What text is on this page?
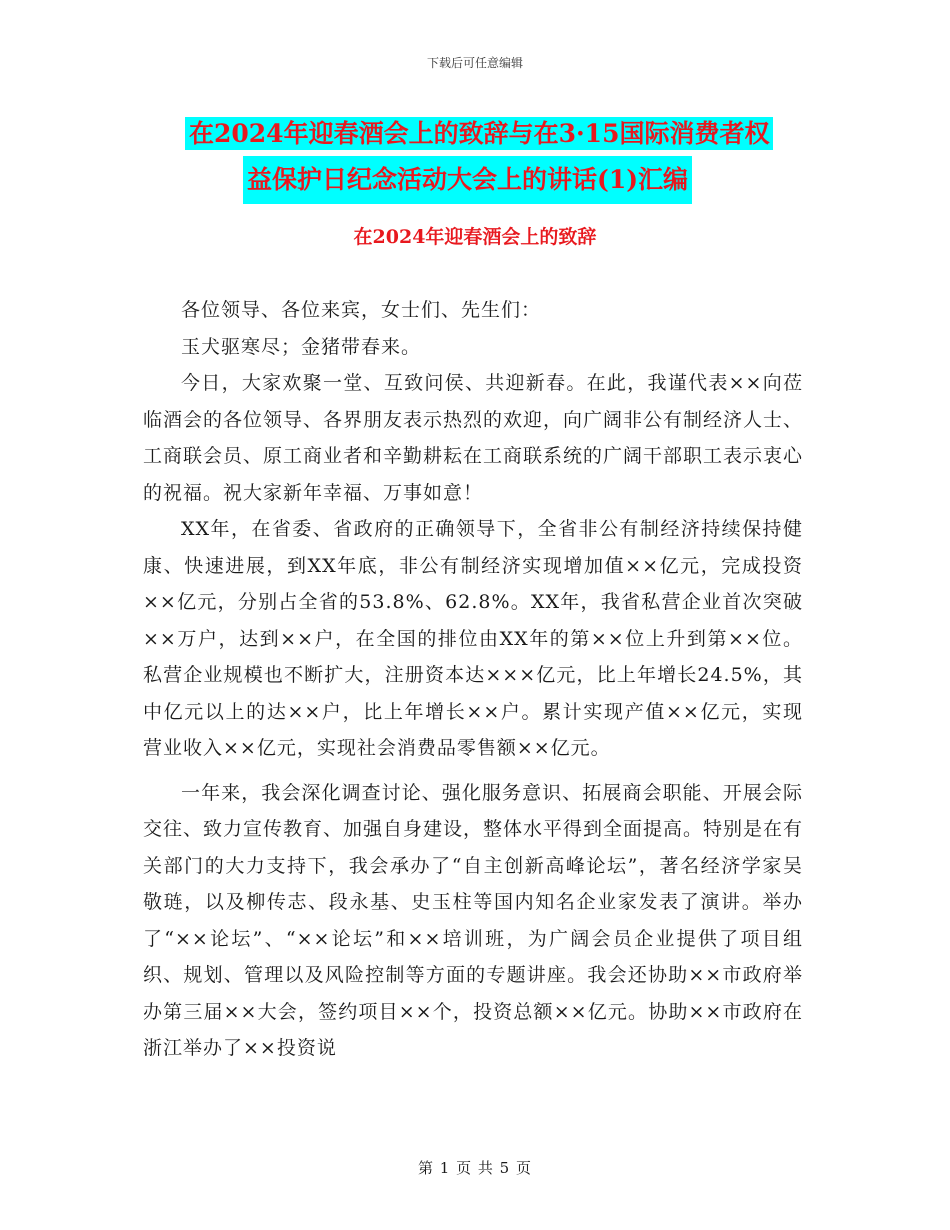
下载后可任意编辑
在2024年迎春酒会上的致辞与在3·15国际消费者权
益保护日纪念活动大会上的讲话(1)汇编
在2024年迎春酒会上的致辞

各位领导、各位来宾，女士们、先生们：

玉犬驱寒尽；金猪带春来。

今日，大家欢聚一堂、互致问侯、共迎新春。在此，我谨代表××向莅临酒会的各位领导、各界朋友表示热烈的欢迎，向广阔非公有制经济人士、工商联会员、原工商业者和辛勤耕耘在工商联系统的广阔干部职工表示衷心的祝福。祝大家新年幸福、万事如意！

XX年，在省委、省政府的正确领导下，全省非公有制经济持续保持健康、快速进展，到XX年底，非公有制经济实现增加值××亿元，完成投资××亿元，分别占全省的53.8%、62.8%。XX年，我省私营企业首次突破××万户，达到××户，在全国的排位由XX年的第××位上升到第××位。私营企业规模也不断扩大，注册资本达×××亿元，比上年增长24.5%，其中亿元以上的达××户，比上年增长××户。累计实现产值××亿元，实现营业收入××亿元，实现社会消费品零售额××亿元。

一年来，我会深化调查讨论、强化服务意识、拓展商会职能、开展会际交往、致力宣传教育、加强自身建设，整体水平得到全面提高。特别是在有关部门的大力支持下，我会承办了“自主创新高峰论坛”，著名经济学家吴敬琏，以及柳传志、段永基、史玉柱等国内知名企业家发表了演讲。举办了“××论坛”、“××论坛”和××培训班，为广阔会员企业提供了项目组织、规划、管理以及风险控制等方面的专题讲座。我会还协助××市政府举办第三届××大会，签约项目××个，投资总额××亿元。协助××市政府在浙江举办了××投资说

第 1 页 共 5 页
